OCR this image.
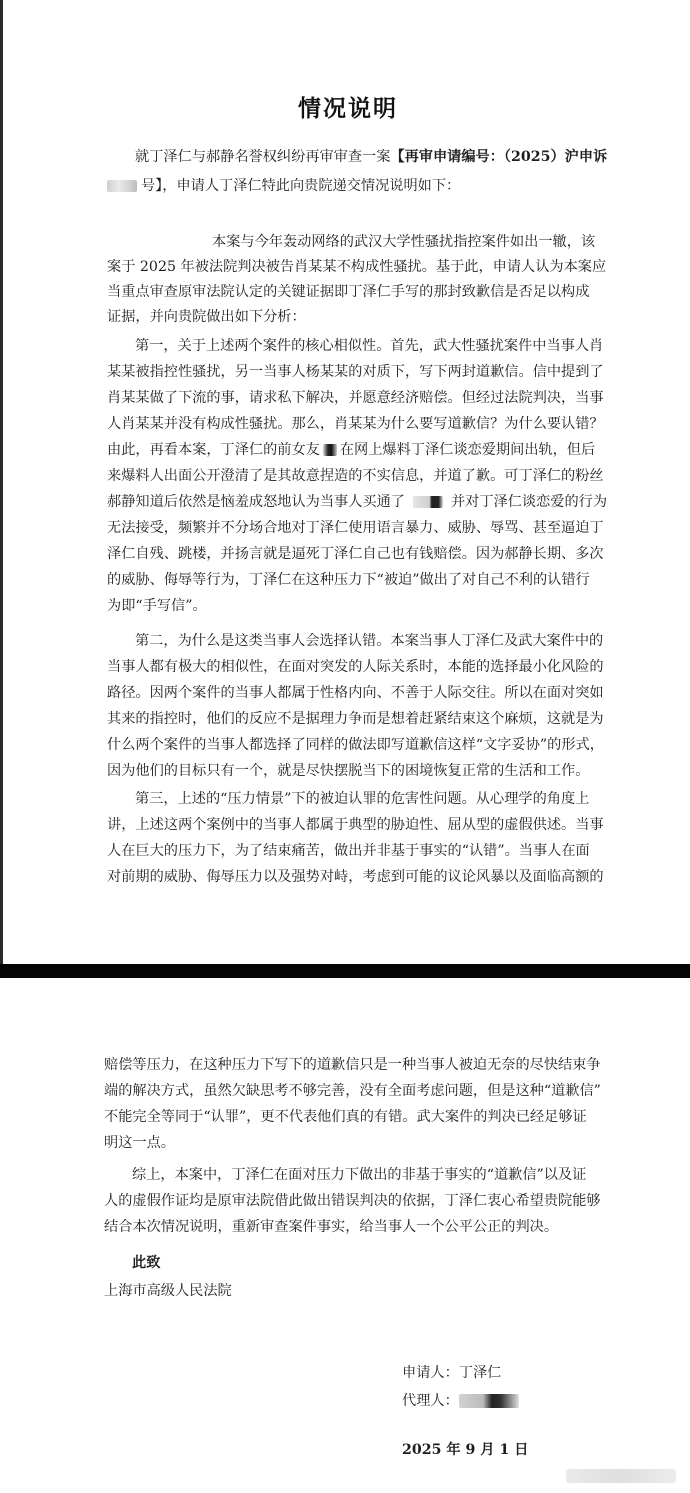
情况说明
就丁泽仁与郝静名誉权纠纷再审审查一案【再审申请编号：（2025）沪申诉
号】，申请人丁泽仁特此向贵院递交情况说明如下：
本案与今年轰动网络的武汉大学性骚扰指控案件如出一辙，该
案于 2025 年被法院判决被告肖某某不构成性骚扰。基于此，申请人认为本案应
当重点审查原审法院认定的关键证据即丁泽仁手写的那封致歉信是否足以构成
证据，并向贵院做出如下分析：
第一，关于上述两个案件的核心相似性。首先，武大性骚扰案件中当事人肖
某某被指控性骚扰，另一当事人杨某某的对质下，写下两封道歉信。信中提到了
肖某某做了下流的事，请求私下解决，并愿意经济赔偿。但经过法院判决，当事
人肖某某并没有构成性骚扰。那么，肖某某为什么要写道歉信？为什么要认错？
由此，再看本案，丁泽仁的前女友 在网上爆料丁泽仁谈恋爱期间出轨，但后
来爆料人出面公开澄清了是其故意捏造的不实信息，并道了歉。可丁泽仁的粉丝
郝静知道后依然是恼羞成怒地认为当事人买通了	并对丁泽仁谈恋爱的行为
无法接受，频繁并不分场合地对丁泽仁使用语言暴力、威胁、辱骂、甚至逼迫丁
泽仁自残、跳楼，并扬言就是逼死丁泽仁自己也有钱赔偿。因为郝静长期、多次
的威胁、侮辱等行为，丁泽仁在这种压力下“被迫”做出了对自己不利的认错行
为即“手写信”。
第二，为什么是这类当事人会选择认错。本案当事人丁泽仁及武大案件中的
当事人都有极大的相似性，在面对突发的人际关系时，本能的选择最小化风险的
路径。因两个案件的当事人都属于性格内向、不善于人际交往。所以在面对突如
其来的指控时，他们的反应不是据理力争而是想着赶紧结束这个麻烦，这就是为
什么两个案件的当事人都选择了同样的做法即写道歉信这样“文字妥协”的形式，
因为他们的目标只有一个，就是尽快摆脱当下的困境恢复正常的生活和工作。
第三，上述的“压力情景”下的被迫认罪的危害性问题。从心理学的角度上
讲，上述这两个案例中的当事人都属于典型的胁迫性、屈从型的虚假供述。当事
人在巨大的压力下，为了结束痛苦，做出并非基于事实的“认错”。当事人在面
对前期的威胁、侮辱压力以及强势对峙，考虑到可能的议论风暴以及面临高额的
赔偿等压力，在这种压力下写下的道歉信只是一种当事人被迫无奈的尽快结束争
端的解决方式，虽然欠缺思考不够完善，没有全面考虑问题，但是这种“道歉信”
不能完全等同于“认罪”，更不代表他们真的有错。武大案件的判决已经足够证
明这一点。
综上，本案中，丁泽仁在面对压力下做出的非基于事实的“道歉信”以及证
人的虚假作证均是原审法院借此做出错误判决的依据，丁泽仁衷心希望贵院能够
结合本次情况说明，重新审查案件事实，给当事人一个公平公正的判决。
此致
上海市高级人民法院
申请人：丁泽仁
代理人：
2025 年 9 月 1 日
